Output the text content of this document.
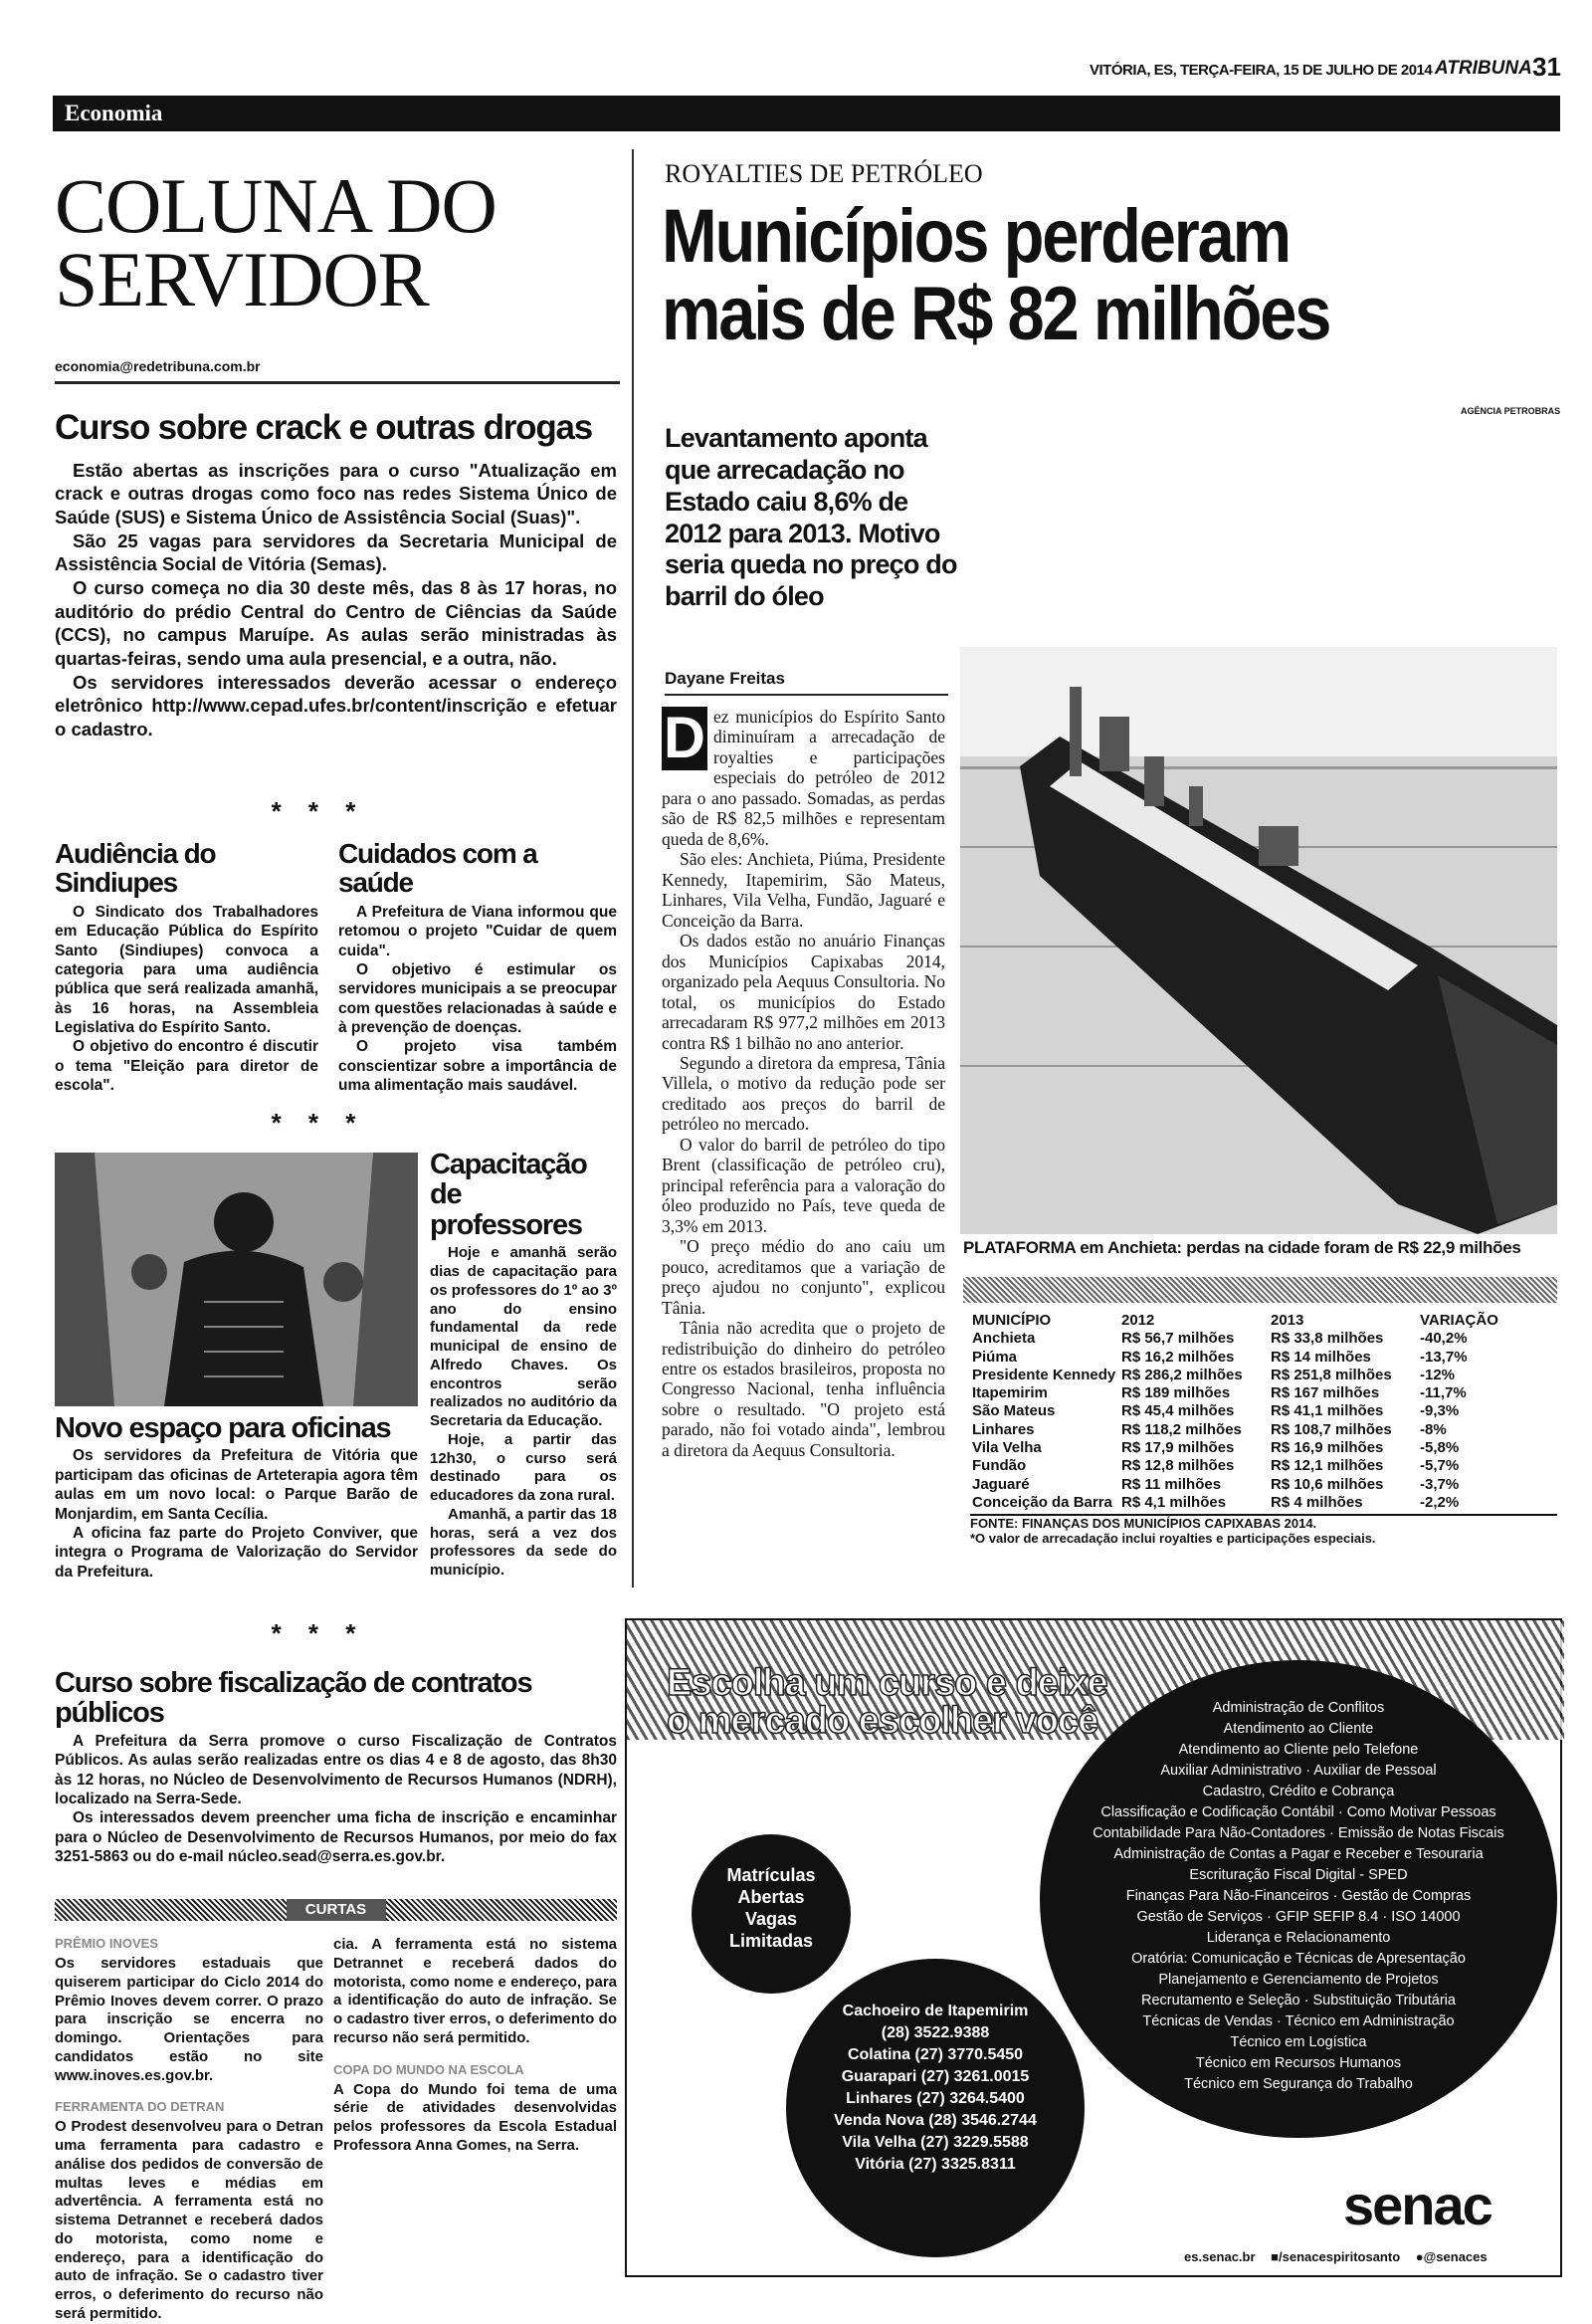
VITÓRIA, ES, TERÇA-FEIRA, 15 DE JULHO DE 2014 ATRIBUNA 31
Economia
COLUNA DO
SERVIDOR
economia@redetribuna.com.br
Curso sobre crack e outras drogas

Estão abertas as inscrições para o curso "Atualização em crack e outras drogas como foco nas redes Sistema Único de Saúde (SUS) e Sistema Único de Assistência Social (Suas)".

São 25 vagas para servidores da Secretaria Municipal de Assistência Social de Vitória (Semas).

O curso começa no dia 30 deste mês, das 8 às 17 horas, no auditório do prédio Central do Centro de Ciências da Saúde (CCS), no campus Maruípe. As aulas serão ministradas às quartas-feiras, sendo uma aula presencial, e a outra, não.

Os servidores interessados deverão acessar o endereço eletrônico http://www.cepad.ufes.br/content/inscrição e efetuar o cadastro.

* * *
Audiência do Sindiupes

O Sindicato dos Trabalhadores em Educação Pública do Espírito Santo (Sindiupes) convoca a categoria para uma audiência pública que será realizada amanhã, às 16 horas, na Assembleia Legislativa do Espírito Santo.

O objetivo do encontro é discutir o tema "Eleição para diretor de escola".

Cuidados com a saúde

A Prefeitura de Viana informou que retomou o projeto "Cuidar de quem cuida".

O objetivo é estimular os servidores municipais a se preocupar com questões relacionadas à saúde e à prevenção de doenças.

O projeto visa também conscientizar sobre a importância de uma alimentação mais saudável.

* * *
Capacitação
de professores

Hoje e amanhã serão dias de capacitação para os professores do 1º ao 3º ano do ensino fundamental da rede municipal de ensino de Alfredo Chaves. Os encontros serão realizados no auditório da Secretaria da Educação.

Hoje, a partir das 12h30, o curso será destinado para os educadores da zona rural.

Amanhã, a partir das 18 horas, será a vez dos professores da sede do município.

Novo espaço para oficinas

Os servidores da Prefeitura de Vitória que participam das oficinas de Arteterapia agora têm aulas em um novo local: o Parque Barão de Monjardim, em Santa Cecília.

A oficina faz parte do Projeto Conviver, que integra o Programa de Valorização do Servidor da Prefeitura.

* * *
Curso sobre fiscalização de contratos públicos

A Prefeitura da Serra promove o curso Fiscalização de Contratos Públicos. As aulas serão realizadas entre os dias 4 e 8 de agosto, das 8h30 às 12 horas, no Núcleo de Desenvolvimento de Recursos Humanos (NDRH), localizado na Serra-Sede.

Os interessados devem preencher uma ficha de inscrição e encaminhar para o Núcleo de Desenvolvimento de Recursos Humanos, por meio do fax 3251-5863 ou do e-mail núcleo.sead@serra.es.gov.br.

CURTAS
PRÊMIO INOVES
Os servidores estaduais que quiserem participar do Ciclo 2014 do Prêmio Inoves devem correr. O prazo para inscrição se encerra no domingo. Orientações para candidatos estão no site www.inoves.es.gov.br.
FERRAMENTA DO DETRAN
O Prodest desenvolveu para o Detran uma ferramenta para cadastro e análise dos pedidos de conversão de multas leves e médias em advertência. A ferramenta está no sistema Detrannet e receberá dados do motorista, como nome e endereço, para a identificação do auto de infração. Se o cadastro tiver erros, o deferimento do recurso não será permitido.
cia. A ferramenta está no sistema Detrannet e receberá dados do motorista, como nome e endereço, para a identificação do auto de infração. Se o cadastro tiver erros, o deferimento do recurso não será permitido.
COPA DO MUNDO NA ESCOLA
A Copa do Mundo foi tema de uma série de atividades desenvolvidas pelos professores da Escola Estadual Professora Anna Gomes, na Serra.
ROYALTIES DE PETRÓLEO
Municípios perderam
mais de R$ 82 milhões
AGÊNCIA PETROBRAS
Levantamento aponta que arrecadação no Estado caiu 8,6% de 2012 para 2013. Motivo seria queda no preço do barril do óleo
Dayane Freitas
D ez municípios do Espírito Santo diminuíram a arrecadação de royalties e participações especiais do petróleo de 2012 para o ano passado. Somadas, as perdas são de R$ 82,5 milhões e representam queda de 8,6%.

São eles: Anchieta, Piúma, Presidente Kennedy, Itapemirim, São Mateus, Linhares, Vila Velha, Fundão, Jaguaré e Conceição da Barra.

Os dados estão no anuário Finanças dos Municípios Capixabas 2014, organizado pela Aequus Consultoria. No total, os municípios do Estado arrecadaram R$ 977,2 milhões em 2013 contra R$ 1 bilhão no ano anterior.

Segundo a diretora da empresa, Tânia Villela, o motivo da redução pode ser creditado aos preços do barril de petróleo no mercado.

O valor do barril de petróleo do tipo Brent (classificação de petróleo cru), principal referência para a valoração do óleo produzido no País, teve queda de 3,3% em 2013.

"O preço médio do ano caiu um pouco, acreditamos que a variação de preço ajudou no conjunto", explicou Tânia.

Tânia não acredita que o projeto de redistribuição do dinheiro do petróleo entre os estados brasileiros, proposta no Congresso Nacional, tenha influência sobre o resultado. "O projeto está parado, não foi votado ainda", lembrou a diretora da Aequus Consultoria.

PLATAFORMA em Anchieta: perdas na cidade foram de R$ 22,9 milhões
MUNICÍPIO	2012	2013	VARIAÇÃO
Anchieta	R$ 56,7 milhões	R$ 33,8 milhões	-40,2%
Piúma	R$ 16,2 milhões	R$ 14 milhões	-13,7%
Presidente Kennedy	R$ 286,2 milhões	R$ 251,8 milhões	-12%
Itapemirim	R$ 189 milhões	R$ 167 milhões	-11,7%
São Mateus	R$ 45,4 milhões	R$ 41,1 milhões	-9,3%
Linhares	R$ 118,2 milhões	R$ 108,7 milhões	-8%
Vila Velha	R$ 17,9 milhões	R$ 16,9 milhões	-5,8%
Fundão	R$ 12,8 milhões	R$ 12,1 milhões	-5,7%
Jaguaré	R$ 11 milhões	R$ 10,6 milhões	-3,7%
Conceição da Barra	R$ 4,1 milhões	R$ 4 milhões	-2,2%
FONTE: FINANÇAS DOS MUNICÍPIOS CAPIXABAS 2014.
*O valor de arrecadação inclui royalties e participações especiais.
Escolha um curso e deixe
o mercado escolher você	Administração de Conflitos
Atendimento ao Cliente
Atendimento ao Cliente pelo Telefone
Auxiliar Administrativo · Auxiliar de Pessoal
Cadastro, Crédito e Cobrança
Classificação e Codificação Contábil · Como Motivar Pessoas
Contabilidade Para Não-Contadores · Emissão de Notas Fiscais
Administração de Contas a Pagar e Receber e Tesouraria
Escrituração Fiscal Digital - SPED
Finanças Para Não-Financeiros · Gestão de Compras
Gestão de Serviços · GFIP SEFIP 8.4 · ISO 14000
Liderança e Relacionamento
Oratória: Comunicação e Técnicas de Apresentação
Planejamento e Gerenciamento de Projetos
Recrutamento e Seleção · Substituição Tributária
Técnicas de Vendas · Técnico em Administração
Técnico em Logística
Técnico em Recursos Humanos
Técnico em Segurança do Trabalho
Matrículas
Abertas
Vagas
Limitadas
Cachoeiro de Itapemirim
(28) 3522.9388
Colatina (27) 3770.5450
Guarapari (27) 3261.0015
Linhares (27) 3264.5400
Venda Nova (28) 3546.2744
Vila Velha (27) 3229.5588
Vitória (27) 3325.8311
senac
es.senac.br ■/senacespiritosanto ●@senaces
